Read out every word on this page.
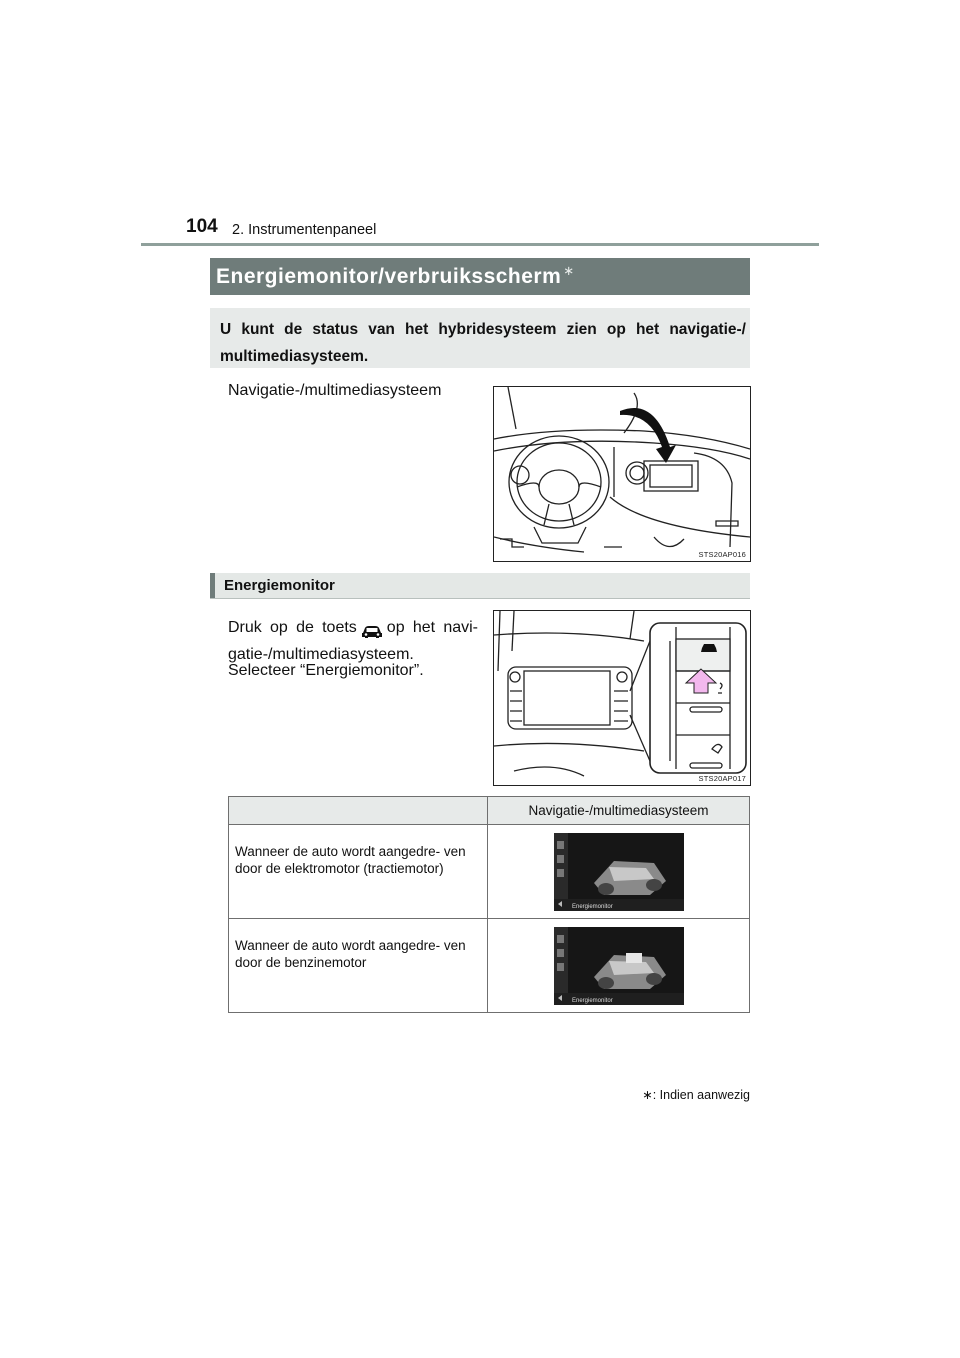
104 2. Instrumentenpaneel
Energiemonitor/verbruiksscherm ∗
U kunt de status van het hybridesysteem zien op het navigatie-/ multimediasysteem.
Navigatie-/multimediasysteem
STS20AP016
Energiemonitor
Druk op de toets op het navi- gatie-/multimediasysteem.
Selecteer “Energiemonitor”.
STS20AP017
	Navigatie-/multimediasysteem
Wanneer de auto wordt aangedre- ven door de elektromotor (tractiemotor)	Energiemonitor

Wanneer de auto wordt aangedre- ven door de benzinemotor	Energiemonitor
∗: Indien aanwezig
